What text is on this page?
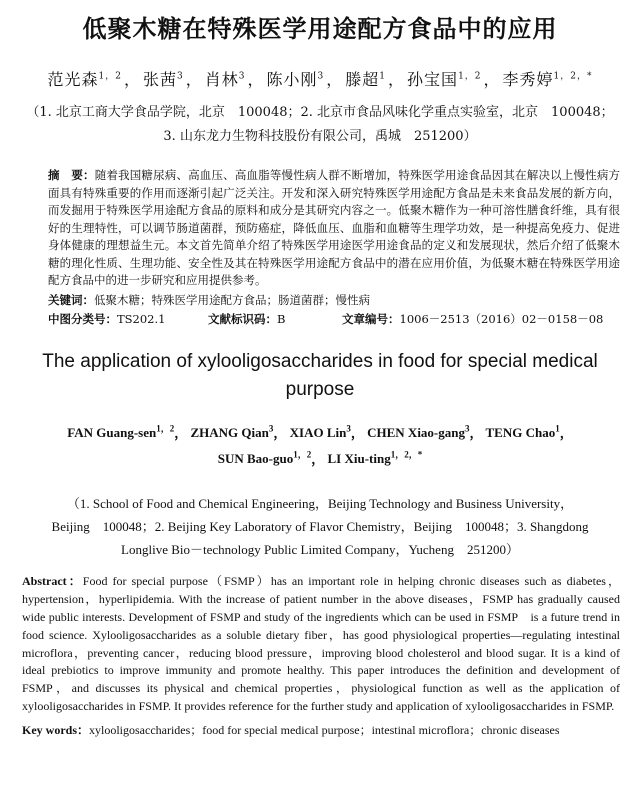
低聚木糖在特殊医学用途配方食品中的应用
范光森$^{1,2}$ ， 张茜$^3$ ， 肖林$^3$ ， 陈小刚$^3$ ， 滕超$^1$ ， 孙宝国$^{1,2}$ ， 李秀婷$^{1,2,*}$
（1. 北京工商大学食品学院，北京　100048；2. 北京市食品风味化学重点实验室，北京　100048；
3. 山东龙力生物科技股份有限公司，禹城　251200）
摘　要：随着我国糖尿病、高血压、高血脂等慢性病人群不断增加，特殊医学用途食品因其在解决以上慢性病方面具有特殊重要的作用而逐渐引起广泛关注。开发和深入研究特殊医学用途配方食品是未来食品发展的新方向，而发掘用于特殊医学用途配方食品的原料和成分是其研究内容之一。低聚木糖作为一种可溶性膳食纤维，具有很好的生理特性，可以调节肠道菌群，预防癌症，降低血压、血脂和血糖等生理学功效，是一种提高免疫力、促进身体健康的理想益生元。本文首先简单介绍了特殊医学用途医学用途食品的定义和发展现状，然后介绍了低聚木糖的理化性质、生理功能、安全性及其在特殊医学用途配方食品中的潜在应用价值，为低聚木糖在特殊医学用途配方食品中的进一步研究和应用提供参考。
关键词：低聚木糖；特殊医学用途配方食品；肠道菌群；慢性病
中图分类号：TS202.1	文献标识码：B	文章编号：1006－2513（2016）02－0158－08
The application of xylooligosaccharides in food for special medical
purpose
FAN Guang-sen$^{1,2}$， ZHANG Qian$^3$， XIAO Lin$^3$， CHEN Xiao-gang$^3$， TENG Chao$^1$，
SUN Bao-guo$^{1,2}$， LI Xiu-ting$^{1,2,*}$
（1. School of Food and Chemical Engineering，Beijing Technology and Business University，
Beijing　100048；2. Beijing Key Laboratory of Flavor Chemistry，Beijing　100048；3. Shangdong
Longlive Bio－technology Public Limited Company，Yucheng　251200）
Abstract：Food for special purpose（FSMP）has an important role in helping chronic diseases such as diabetes，hypertension，hyperlipidemia. With the increase of patient number in the above diseases，FSMP has gradually caused wide public interests. Development of FSMP and study of the ingredients which can be used in FSMP　is a future trend in food science. Xylooligosaccharides as a soluble dietary fiber，has good physiological properties—regulating intestinal microflora，preventing cancer，reducing blood pressure，improving blood cholesterol and blood sugar. It is a kind of ideal prebiotics to improve immunity and promote healthy. This paper introduces the definition and development of FSMP，and discusses its physical and chemical properties，physiological function as well as the application of xylooligosaccharides in FSMP. It provides reference for the further study and application of xylooligosaccharides in FSMP.
Key words：xylooligosaccharides；food for special medical purpose；intestinal microflora；chronic diseases
